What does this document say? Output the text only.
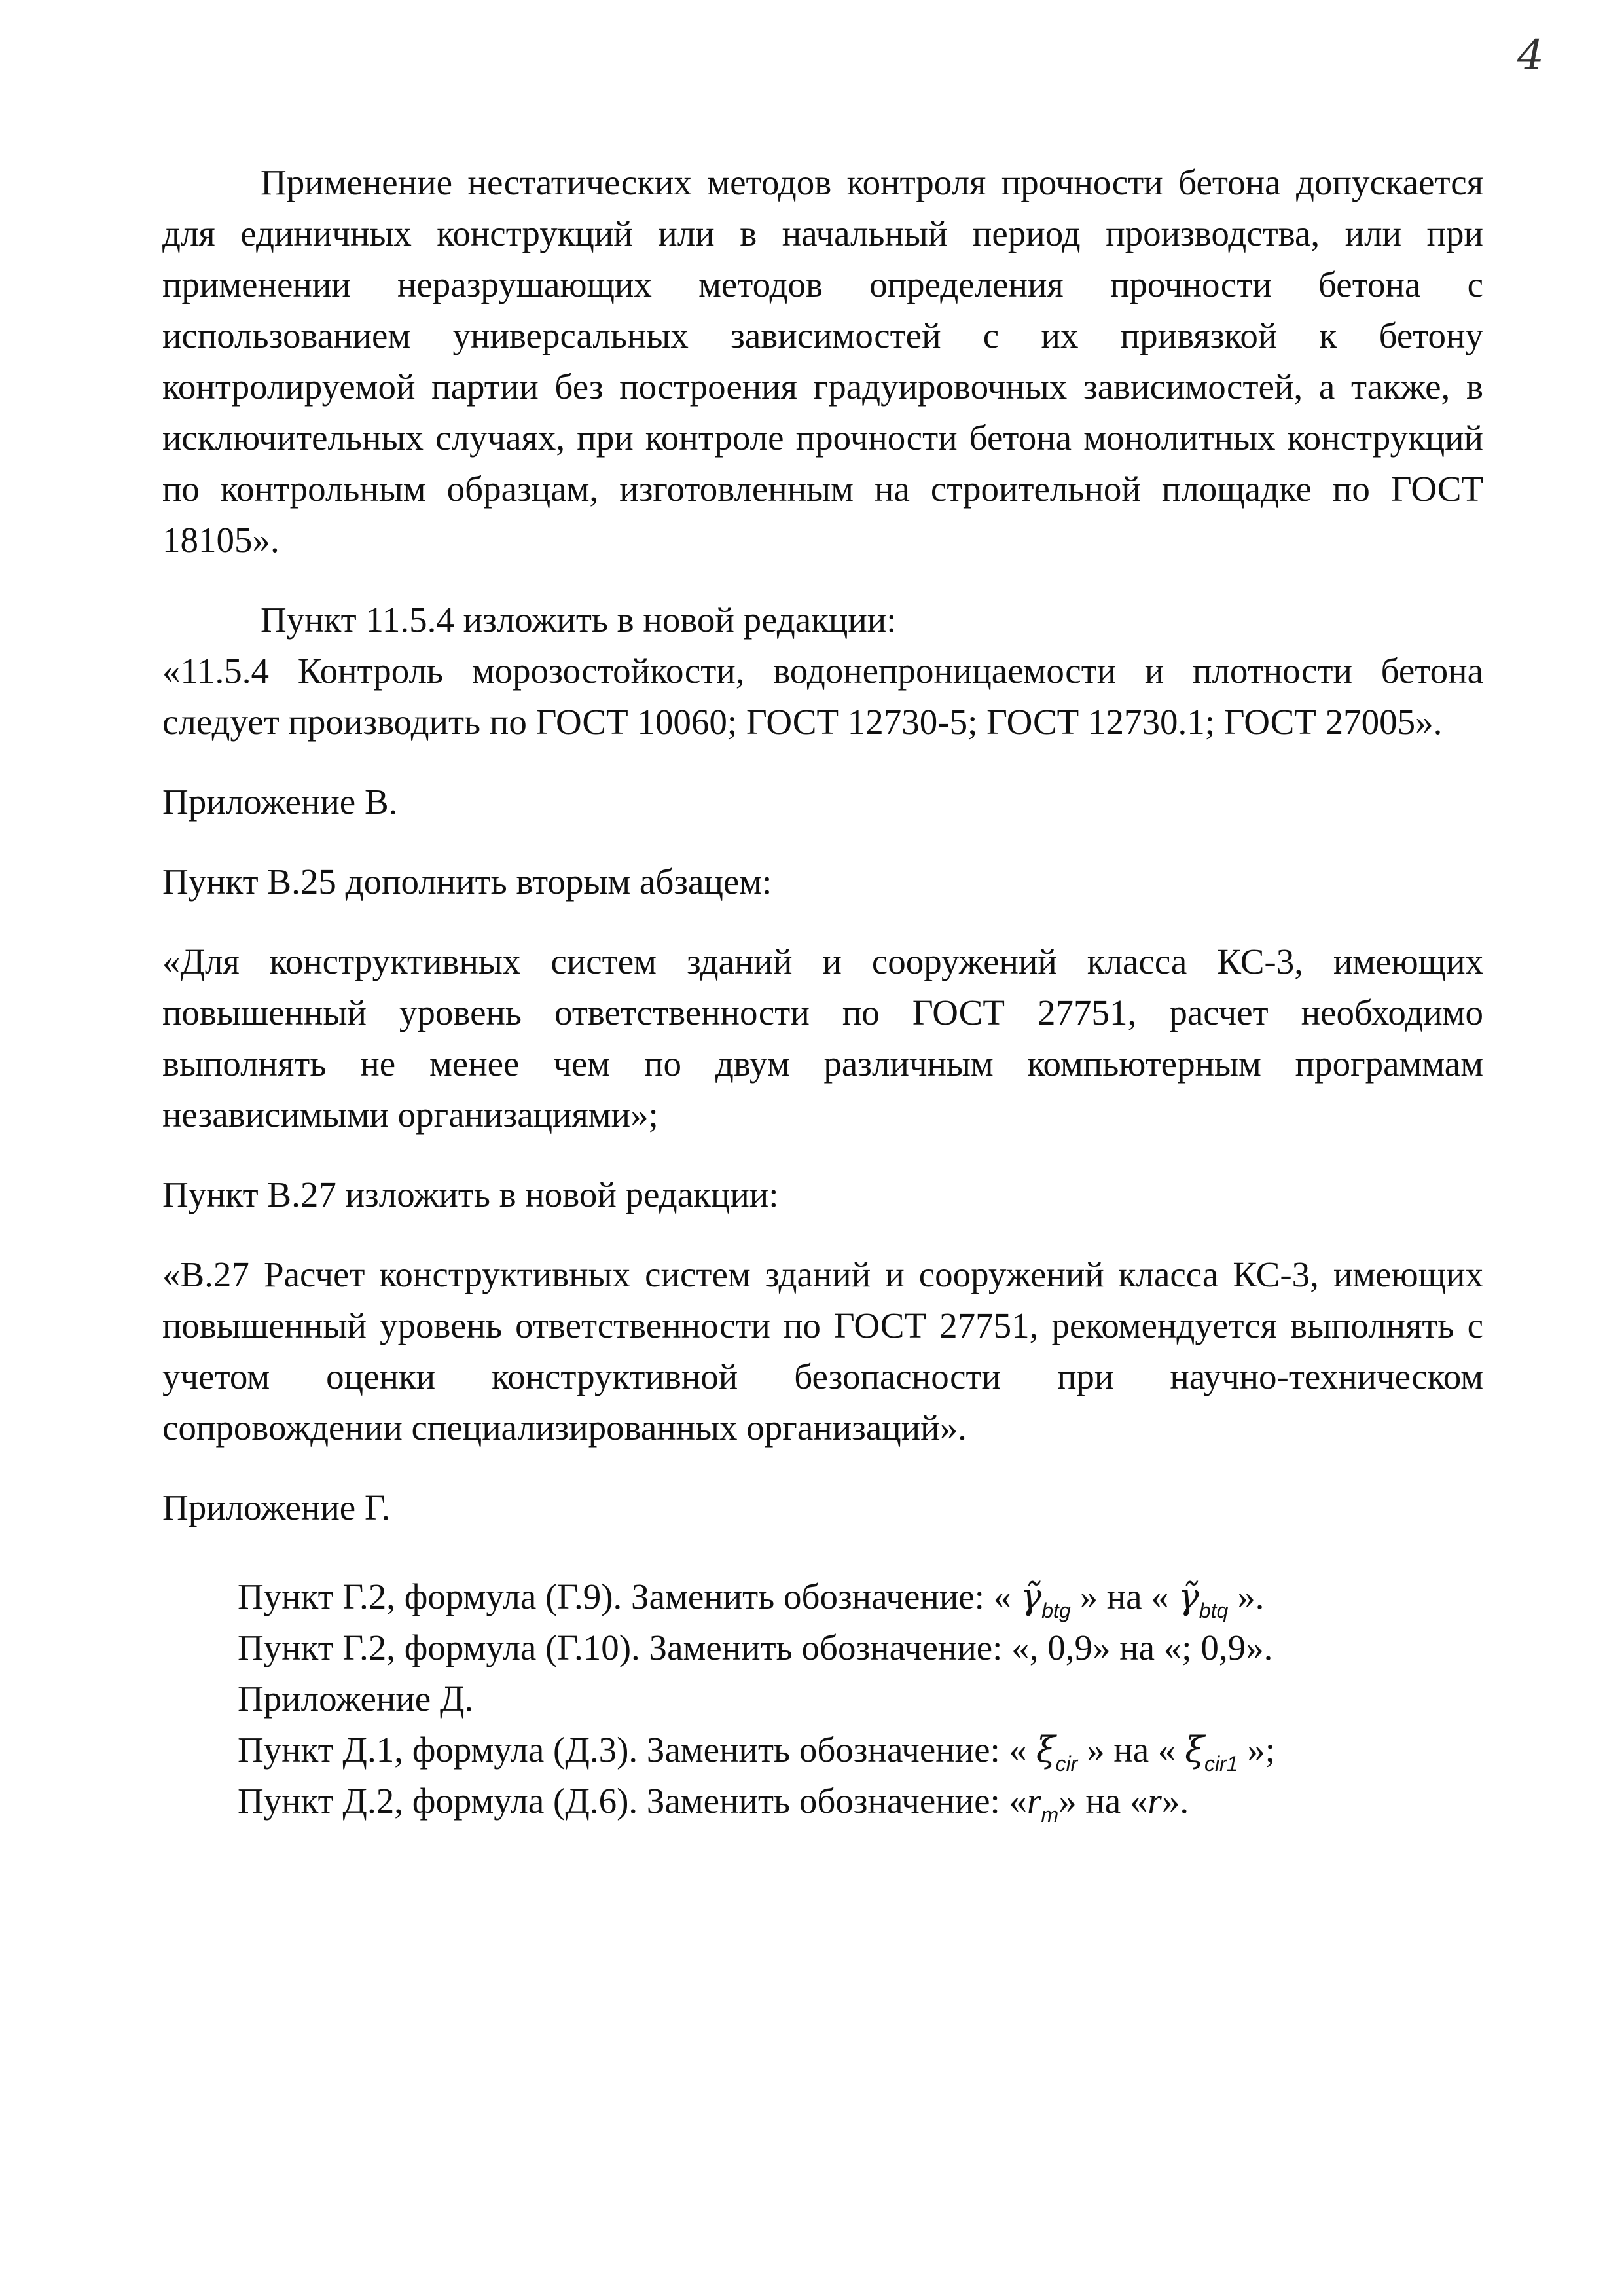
4

Применение нестатических методов контроля прочности бетона допускается для единичных конструкций или в начальный период производства, или при применении неразрушающих методов определения прочности бетона с использованием универсальных зависимостей с их привязкой к бетону контролируемой партии без построения градуировочных зависимостей, а также, в исключительных случаях, при контроле прочности бетона монолитных конструкций по контрольным образцам, изготовленным на строительной площадке по ГОСТ 18105».

Пункт 11.5.4 изложить в новой редакции:

«11.5.4 Контроль морозостойкости, водонепроницаемости и плотности бетона следует производить по ГОСТ 10060; ГОСТ 12730-5; ГОСТ 12730.1; ГОСТ 27005».

Приложение В.

Пункт В.25 дополнить вторым абзацем:

«Для конструктивных систем зданий и сооружений класса КС-3, имеющих повышенный уровень ответственности по ГОСТ 27751, расчет необходимо выполнять не менее чем по двум различным компьютерным программам независимыми организациями»;

Пункт В.27 изложить в новой редакции:

«В.27 Расчет конструктивных систем зданий и сооружений класса КС-3, имеющих повышенный уровень ответственности по ГОСТ 27751, рекомендуется выполнять с учетом оценки конструктивной безопасности при научно-техническом сопровождении специализированных организаций».

Приложение Г.

Пункт Г.2, формула (Г.9). Заменить обозначение: « $\gammã_{btg}$ » на « $\gammã_{btq}$ ».

Пункт Г.2, формула (Г.10). Заменить обозначение: «, 0,9» на «; 0,9».

Приложение Д.

Пункт Д.1, формула (Д.3). Заменить обозначение: « $\xi_{cir}$ » на « $\xi_{cir1}$ »;

Пункт Д.2, формула (Д.6). Заменить обозначение: «$r_m$» на «r».
